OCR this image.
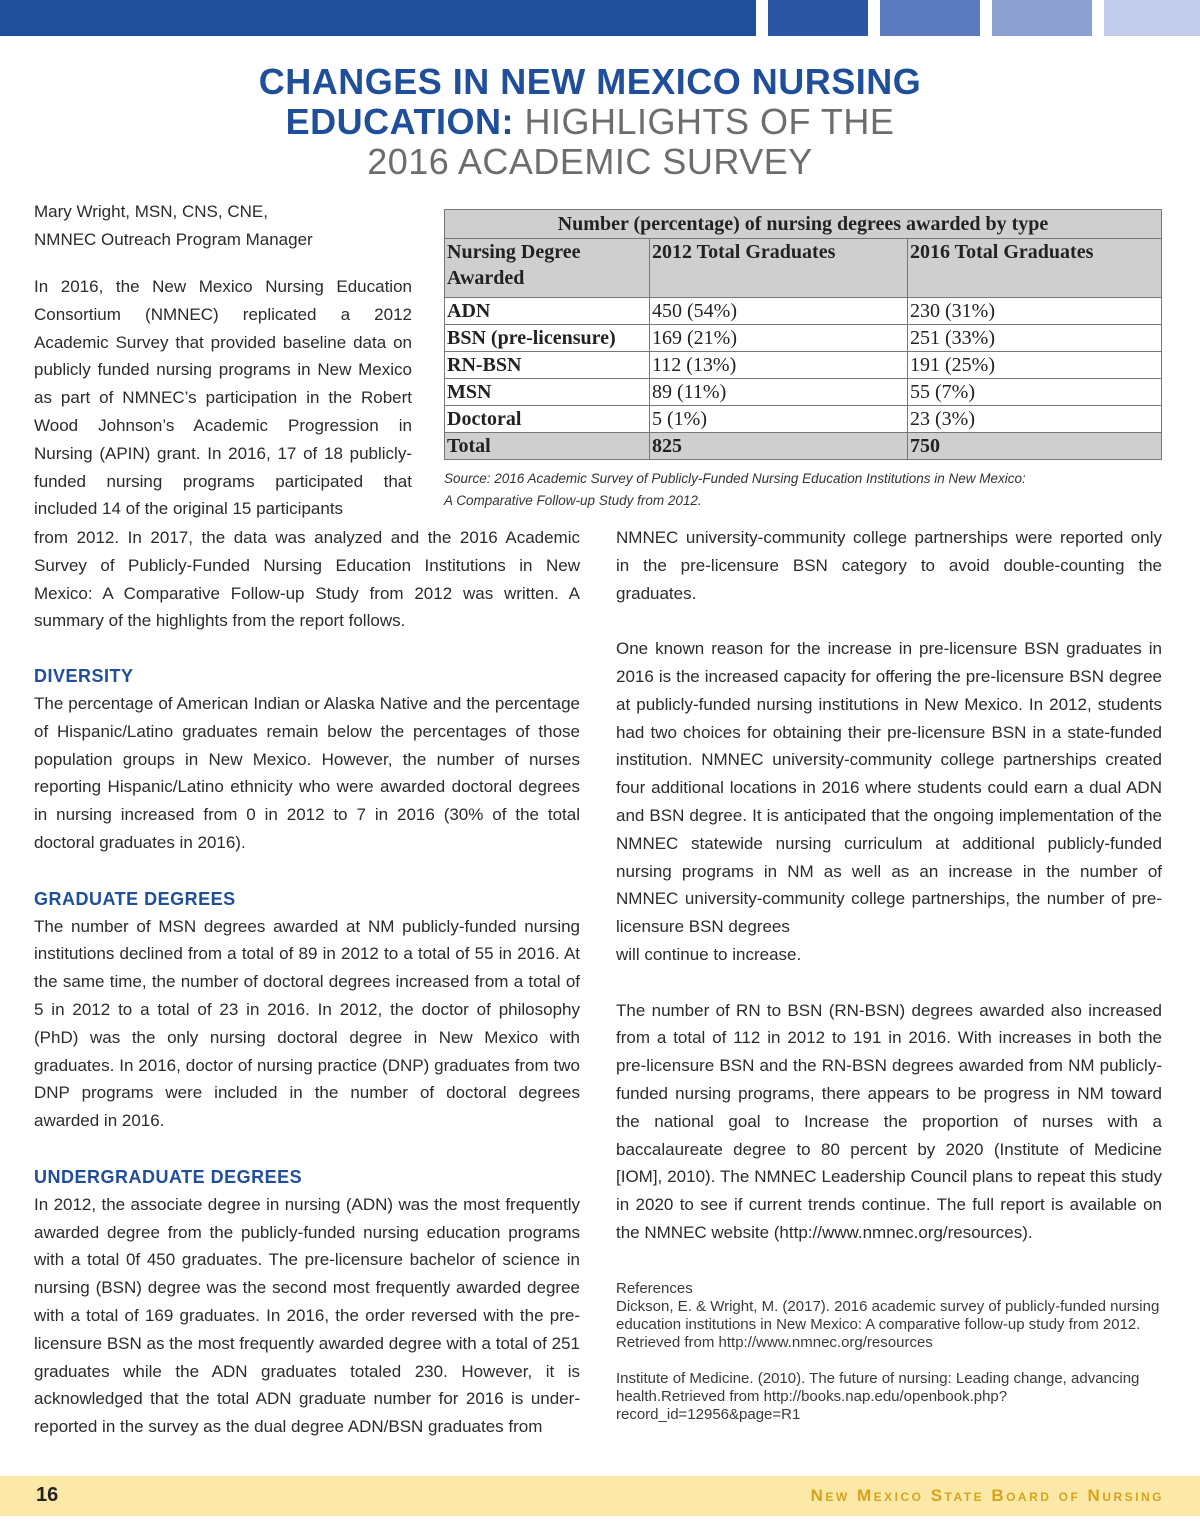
CHANGES IN NEW MEXICO NURSING
EDUCATION: HIGHLIGHTS OF THE
2016 ACADEMIC SURVEY
Mary Wright, MSN, CNS, CNE,
NMNEC Outreach Program Manager

In 2016, the New Mexico Nursing Education Consortium (NMNEC) replicated a 2012 Academic Survey that provided baseline data on publicly funded nursing programs in New Mexico as part of NMNEC’s participation in the Robert Wood Johnson’s Academic Progression in Nursing (APIN) grant. In 2016, 17 of 18 publicly-funded nursing programs participated that included 14 of the original 15 participants

from 2012. In 2017, the data was analyzed and the 2016 Academic Survey of Publicly-Funded Nursing Education Institutions in New Mexico: A Comparative Follow-up Study from 2012 was written. A summary of the highlights from the report follows.

DIVERSITY

The percentage of American Indian or Alaska Native and the percentage of Hispanic/Latino graduates remain below the percentages of those population groups in New Mexico. However, the number of nurses reporting Hispanic/Latino ethnicity who were awarded doctoral degrees in nursing increased from 0 in 2012 to 7 in 2016 (30% of the total doctoral graduates in 2016).

GRADUATE DEGREES

The number of MSN degrees awarded at NM publicly-funded nursing institutions declined from a total of 89 in 2012 to a total of 55 in 2016. At the same time, the number of doctoral degrees increased from a total of 5 in 2012 to a total of 23 in 2016. In 2012, the doctor of philosophy (PhD) was the only nursing doctoral degree in New Mexico with graduates. In 2016, doctor of nursing practice (DNP) graduates from two DNP programs were included in the number of doctoral degrees awarded in 2016.

UNDERGRADUATE DEGREES

In 2012, the associate degree in nursing (ADN) was the most frequently awarded degree from the publicly-funded nursing education programs with a total 0f 450 graduates. The pre-licensure bachelor of science in nursing (BSN) degree was the second most frequently awarded degree with a total of 169 graduates. In 2016, the order reversed with the pre-licensure BSN as the most frequently awarded degree with a total of 251 graduates while the ADN graduates totaled 230. However, it is acknowledged that the total ADN graduate number for 2016 is under-reported in the survey as the dual degree ADN/BSN graduates from

Number (percentage) of nursing degrees awarded by type		
Nursing Degree Awarded	2012 Total Graduates	2016 Total Graduates
ADN	450 (54%)	230 (31%)
BSN (pre-licensure)	169 (21%)	251 (33%)
RN-BSN	112 (13%)	191 (25%)
MSN	89 (11%)	55 (7%)
Doctoral	5 (1%)	23 (3%)
Total	825	750
Source: 2016 Academic Survey of Publicly-Funded Nursing Education Institutions in New Mexico:
A Comparative Follow-up Study from 2012.

NMNEC university-community college partnerships were reported only in the pre-licensure BSN category to avoid double-counting the graduates.

One known reason for the increase in pre-licensure BSN graduates in 2016 is the increased capacity for offering the pre-licensure BSN degree at publicly-funded nursing institutions in New Mexico. In 2012, students had two choices for obtaining their pre-licensure BSN in a state-funded institution. NMNEC university-community college partnerships created four additional locations in 2016 where students could earn a dual ADN and BSN degree. It is anticipated that the ongoing implementation of the NMNEC statewide nursing curriculum at additional publicly-funded nursing programs in NM as well as an increase in the number of NMNEC university-community college partnerships, the number of pre-licensure BSN degrees

will continue to increase.

The number of RN to BSN (RN-BSN) degrees awarded also increased from a total of 112 in 2012 to 191 in 2016. With increases in both the pre-licensure BSN and the RN-BSN degrees awarded from NM publicly-funded nursing programs, there appears to be progress in NM toward the national goal to Increase the proportion of nurses with a baccalaureate degree to 80 percent by 2020 (Institute of Medicine [IOM], 2010). The NMNEC Leadership Council plans to repeat this study in 2020 to see if current trends continue. The full report is available on the NMNEC website (http://www.nmnec.org/resources).

References

Dickson, E. & Wright, M. (2017). 2016 academic survey of publicly-funded nursing education institutions in New Mexico: A comparative follow-up study from 2012. Retrieved from http://www.nmnec.org/resources

Institute of Medicine. (2010). The future of nursing: Leading change, advancing health.Retrieved from http://books.nap.edu/openbook.php?record_id=12956&page=R1

16	New Mexico State Board of Nursing
